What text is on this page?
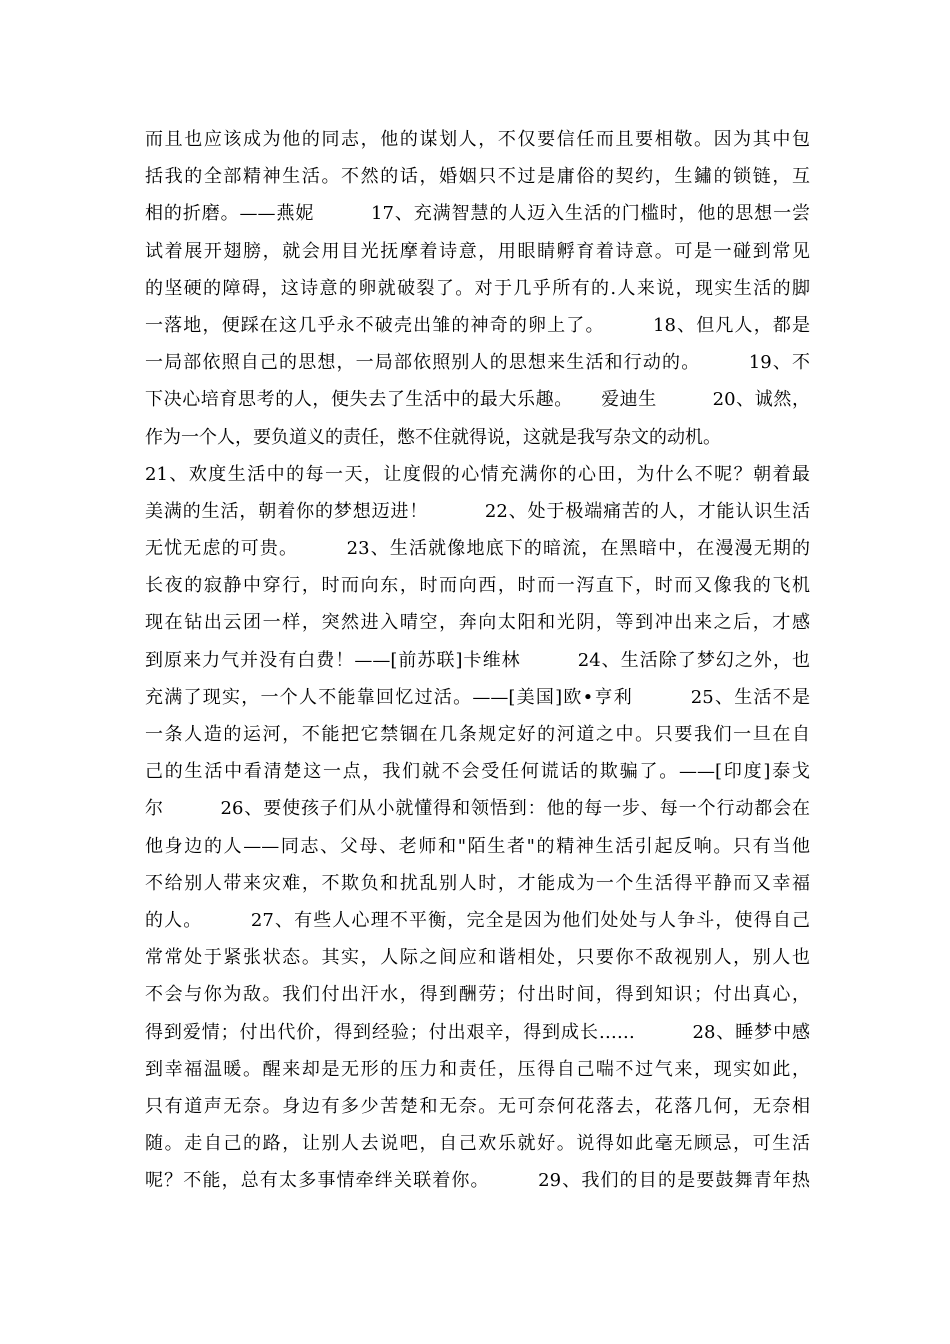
而且也应该成为他的同志，他的谋划人，不仅要信任而且要相敬。因为其中包
括我的全部精神生活。不然的话，婚姻只不过是庸俗的契约，生鏽的锁链，互
相的折磨。——燕妮　　　17、充满智慧的人迈入生活的门槛时，他的思想一尝
试着展开翅膀，就会用目光抚摩着诗意，用眼睛孵育着诗意。可是一碰到常见
的坚硬的障碍，这诗意的卵就破裂了。对于几乎所有的.人来说，现实生活的脚
一落地，便踩在这几乎永不破壳出雏的神奇的卵上了。　　　18、但凡人，都是
一局部依照自己的思想，一局部依照别人的思想来生活和行动的。　　　19、不
下决心培育思考的人，便失去了生活中的最大乐趣。　　爱迪生　　　20、诚然，
作为一个人，要负道义的责任，憋不住就得说，这就是我写杂文的动机。
21、欢度生活中的每一天，让度假的心情充满你的心田，为什么不呢？朝着最
美满的生活，朝着你的梦想迈进！　　　22、处于极端痛苦的人，才能认识生活
无忧无虑的可贵。　　　23、生活就像地底下的暗流，在黑暗中，在漫漫无期的
长夜的寂静中穿行，时而向东，时而向西，时而一泻直下，时而又像我的飞机
现在钻出云团一样，突然进入晴空，奔向太阳和光阴，等到冲出来之后，才感
到原来力气并没有白费！——[前苏联]卡维林　　　24、生活除了梦幻之外，也
充满了现实，一个人不能靠回忆过活。——[美国]欧•亨利　　　25、生活不是
一条人造的运河，不能把它禁锢在几条规定好的河道之中。只要我们一旦在自
己的生活中看清楚这一点，我们就不会受任何谎话的欺骗了。——[印度]泰戈
尔　　　26、要使孩子们从小就懂得和领悟到：他的每一步、每一个行动都会在
他身边的人——同志、父母、老师和"陌生者"的精神生活引起反响。只有当他
不给别人带来灾难，不欺负和扰乱别人时，才能成为一个生活得平静而又幸福
的人。　　　27、有些人心理不平衡，完全是因为他们处处与人争斗，使得自己
常常处于紧张状态。其实，人际之间应和谐相处，只要你不敌视别人，别人也
不会与你为敌。我们付出汗水，得到酬劳；付出时间，得到知识；付出真心，
得到爱情；付出代价，得到经验；付出艰辛，得到成长……　　　28、睡梦中感
到幸福温暖。醒来却是无形的压力和责任，压得自己喘不过气来，现实如此，
只有道声无奈。身边有多少苦楚和无奈。无可奈何花落去，花落几何，无奈相
随。走自己的路，让别人去说吧，自己欢乐就好。说得如此毫无顾忌，可生活
呢？不能，总有太多事情牵绊关联着你。　　　29、我们的目的是要鼓舞青年热
